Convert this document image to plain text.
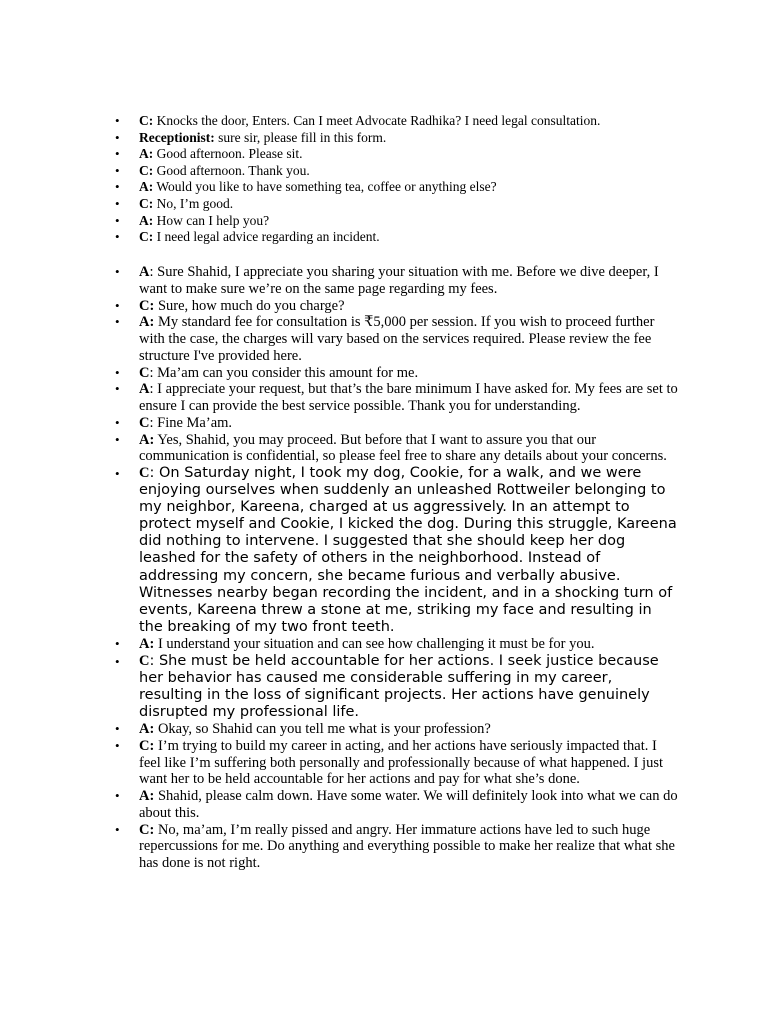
• C: Knocks the door, Enters. Can I meet Advocate Radhika? I need legal consultation.
• Receptionist: sure sir, please fill in this form.
• A: Good afternoon. Please sit.
• C: Good afternoon. Thank you.
• A: Would you like to have something tea, coffee or anything else?
• C: No, I’m good.
• A: How can I help you?
• C: I need legal advice regarding an incident.
• A: Sure Shahid, I appreciate you sharing your situation with me. Before we dive deeper, I want to make sure we’re on the same page regarding my fees.
• C: Sure, how much do you charge?
• A: My standard fee for consultation is ₹5,000 per session. If you wish to proceed further with the case, the charges will vary based on the services required. Please review the fee structure I've provided here.
• C: Ma’am can you consider this amount for me.
• A: I appreciate your request, but that’s the bare minimum I have asked for. My fees are set to ensure I can provide the best service possible. Thank you for understanding.
• C: Fine Ma’am.
• A: Yes, Shahid, you may proceed. But before that I want to assure you that our communication is confidential, so please feel free to share any details about your concerns.
• C: On Saturday night, I took my dog, Cookie, for a walk, and we were enjoying ourselves when suddenly an unleashed Rottweiler belonging to my neighbor, Kareena, charged at us aggressively. In an attempt to protect myself and Cookie, I kicked the dog. During this struggle, Kareena did nothing to intervene. I suggested that she should keep her dog leashed for the safety of others in the neighborhood. Instead of addressing my concern, she became furious and verbally abusive. Witnesses nearby began recording the incident, and in a shocking turn of events, Kareena threw a stone at me, striking my face and resulting in the breaking of my two front teeth.
• A: I understand your situation and can see how challenging it must be for you.
• C: She must be held accountable for her actions. I seek justice because her behavior has caused me considerable suffering in my career, resulting in the loss of significant projects. Her actions have genuinely disrupted my professional life.
• A: Okay, so Shahid can you tell me what is your profession?
• C: I’m trying to build my career in acting, and her actions have seriously impacted that. I feel like I’m suffering both personally and professionally because of what happened. I just want her to be held accountable for her actions and pay for what she’s done.
• A: Shahid, please calm down. Have some water. We will definitely look into what we can do about this.
• C: No, ma’am, I’m really pissed and angry. Her immature actions have led to such huge repercussions for me. Do anything and everything possible to make her realize that what she has done is not right.
